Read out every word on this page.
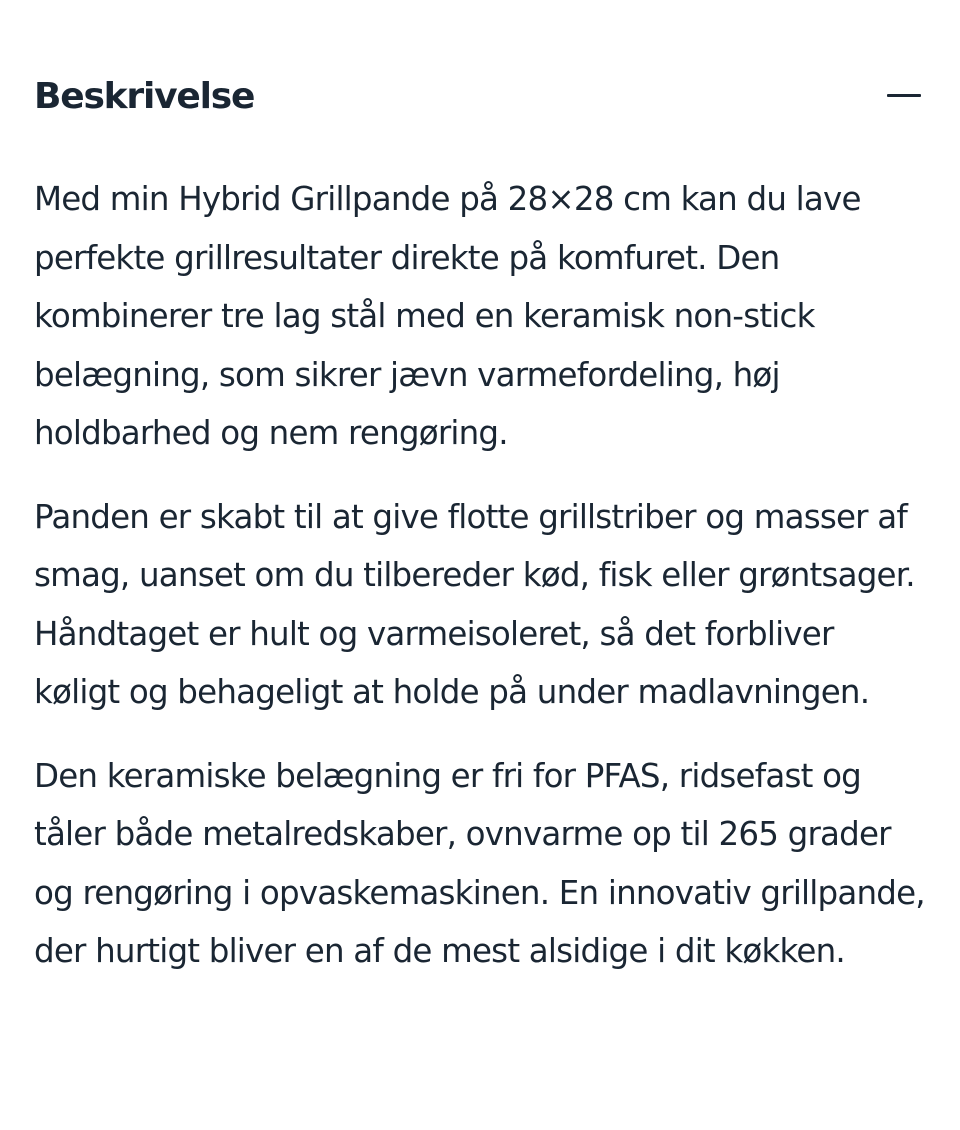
Beskrivelse

Med min Hybrid Grillpande på 28×28 cm kan du lave perfekte grillresultater direkte på komfuret. Den kombinerer tre lag stål med en keramisk non-stick belægning, som sikrer jævn varmefordeling, høj holdbarhed og nem rengøring.

Panden er skabt til at give flotte grillstriber og masser af smag, uanset om du tilbereder kød, fisk eller grøntsager. Håndtaget er hult og varmeisoleret, så det forbliver køligt og behageligt at holde på under madlavningen.

Den keramiske belægning er fri for PFAS, ridsefast og tåler både metalredskaber, ovnvarme op til 265 grader og rengøring i opvaskemaskinen. En innovativ grillpande, der hurtigt bliver en af de mest alsidige i dit køkken.
